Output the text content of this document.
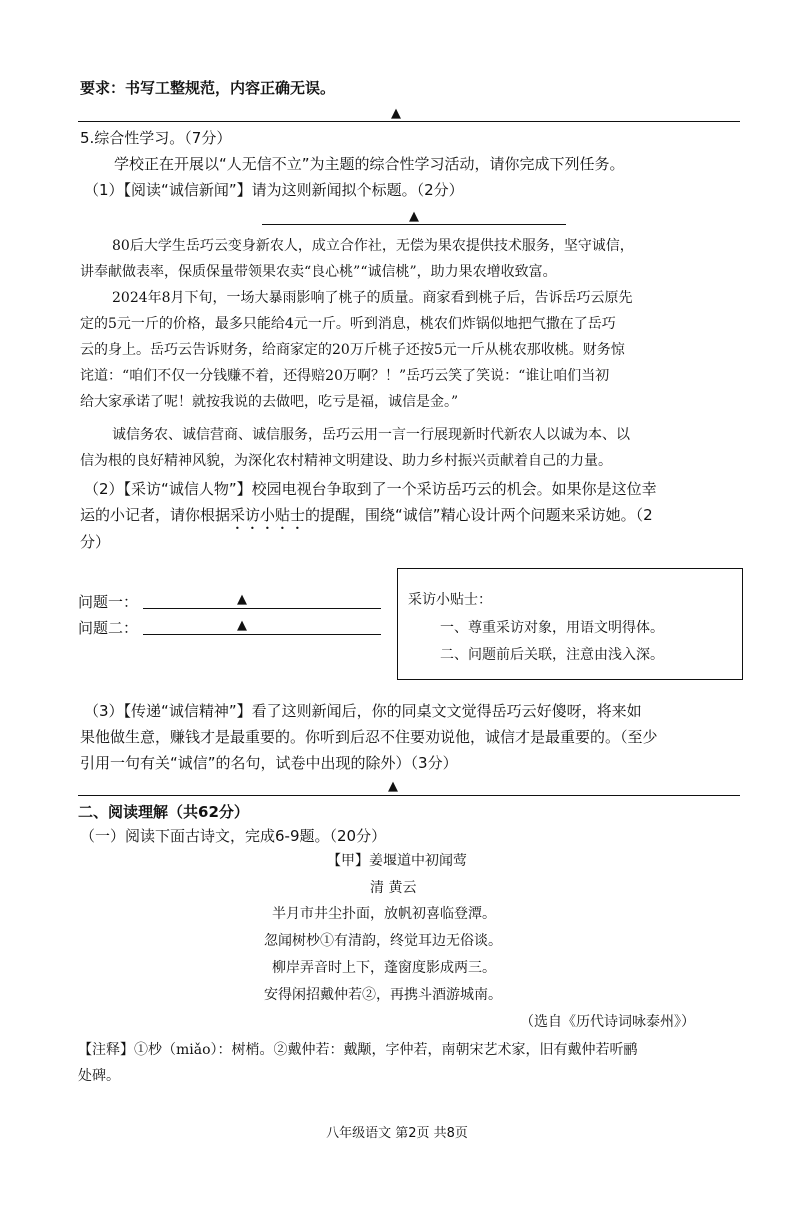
要求：书写工整规范，内容正确无误。
▲
5.综合性学习。（7分）
学校正在开展以“人无信不立”为主题的综合性学习活动，请你完成下列任务。
（1）【阅读“诚信新闻”】请为这则新闻拟个标题。（2分）
▲
80后大学生岳巧云变身新农人，成立合作社，无偿为果农提供技术服务，坚守诚信，
讲奉献做表率，保质保量带领果农卖“良心桃”“诚信桃”，助力果农增收致富。
2024年8月下旬，一场大暴雨影响了桃子的质量。商家看到桃子后，告诉岳巧云原先
定的5元一斤的价格，最多只能给4元一斤。听到消息，桃农们炸锅似地把气撒在了岳巧
云的身上。岳巧云告诉财务，给商家定的20万斤桃子还按5元一斤从桃农那收桃。财务惊
诧道：“咱们不仅一分钱赚不着，还得赔20万啊？！”岳巧云笑了笑说：“谁让咱们当初
给大家承诺了呢！就按我说的去做吧，吃亏是福，诚信是金。”
诚信务农、诚信营商、诚信服务，岳巧云用一言一行展现新时代新农人以诚为本、以
信为根的良好精神风貌，为深化农村精神文明建设、助力乡村振兴贡献着自己的力量。
（2）【采访“诚信人物”】校园电视台争取到了一个采访岳巧云的机会。如果你是这位幸
运的小记者，请你根据采访小贴士的提醒，围绕“诚信”精心设计两个问题来采访她。（2
分）
问题一：	▲
问题二：	▲
采访小贴士：
一、尊重采访对象，用语文明得体。
二、问题前后关联，注意由浅入深。
（3）【传递“诚信精神”】看了这则新闻后，你的同桌文文觉得岳巧云好傻呀，将来如
果他做生意，赚钱才是最重要的。你听到后忍不住要劝说他，诚信才是最重要的。（至少
引用一句有关“诚信”的名句，试卷中出现的除外）（3分）
▲
二、阅读理解（共62分）
（一）阅读下面古诗文，完成6-9题。（20分）
【甲】姜堰道中初闻莺
清 黄云
半月市井尘扑面，放帆初喜临登潭。
忽闻树杪①有清韵，终觉耳边无俗谈。
柳岸弄音时上下，蓬窗度影成两三。
安得闲招戴仲若②，再携斗酒游城南。
（选自《历代诗词咏泰州》）
【注释】①杪（miǎo）：树梢。②戴仲若：戴颙，字仲若，南朝宋艺术家，旧有戴仲若听鹂
处碑。
八年级语文 第2页 共8页
